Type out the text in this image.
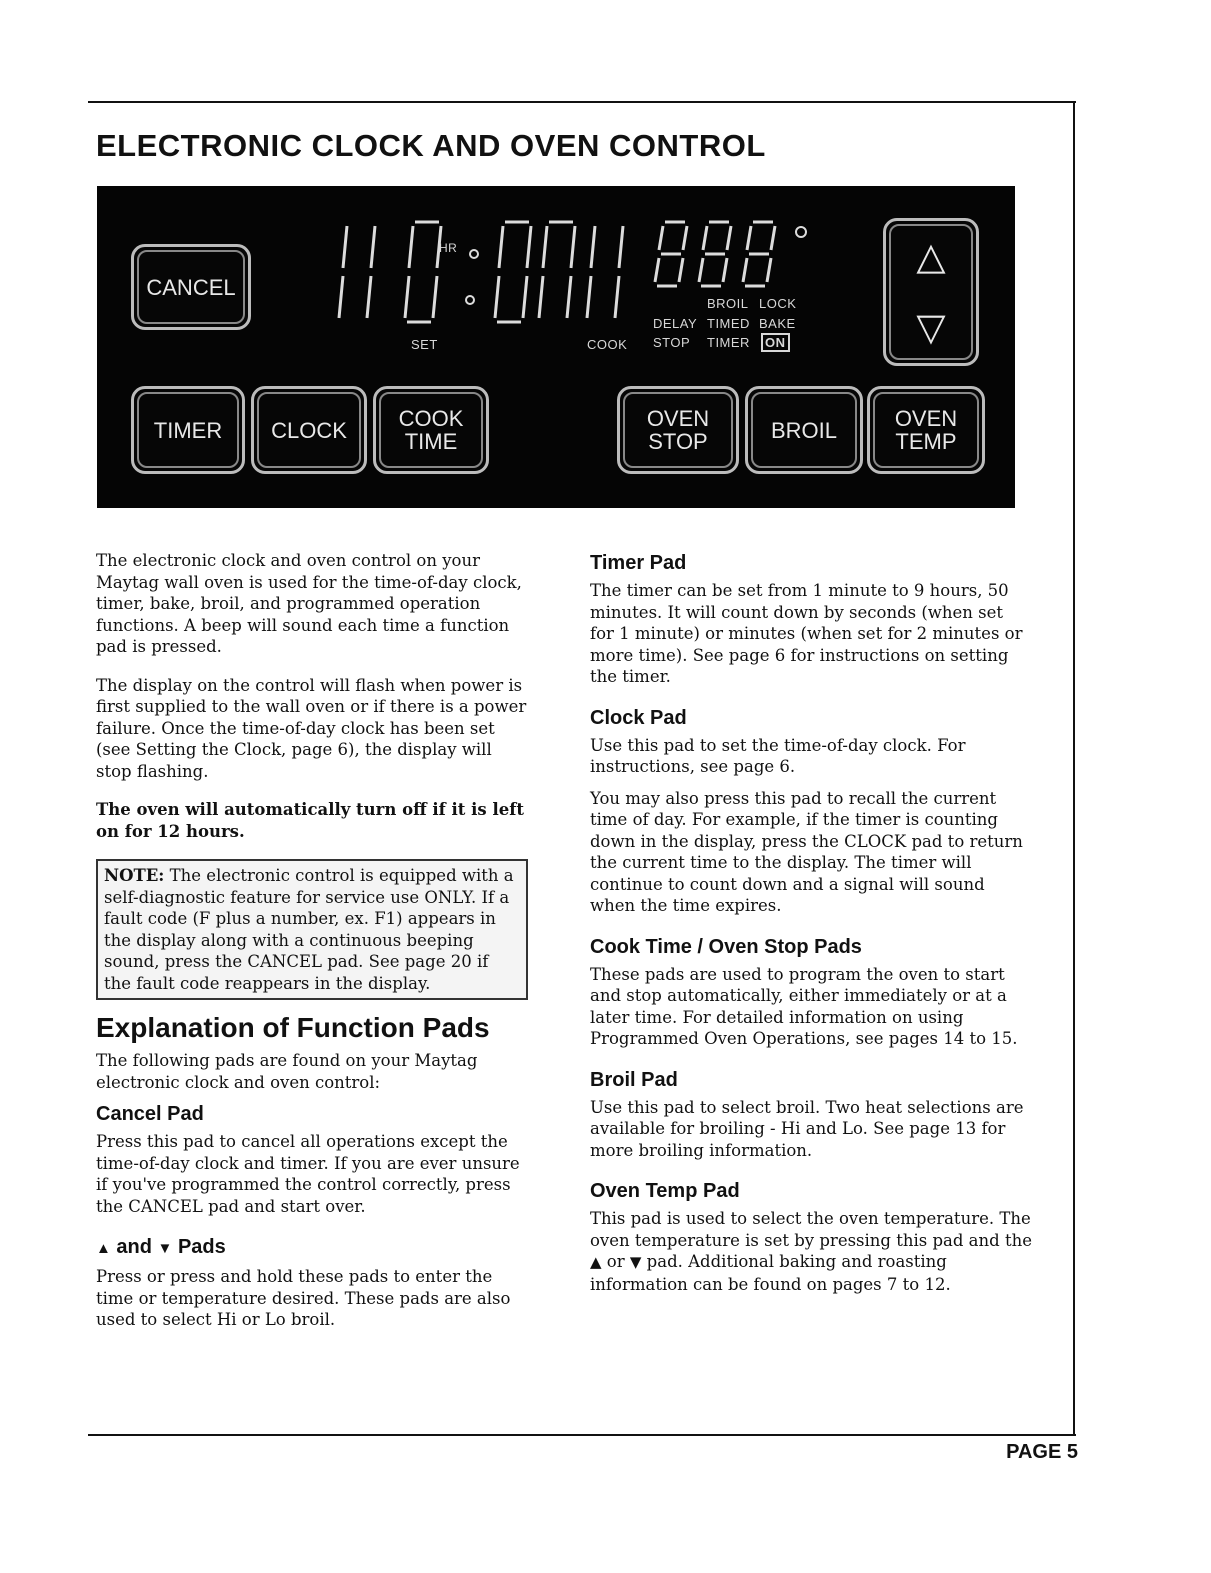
ELECTRONIC CLOCK AND OVEN CONTROL
CANCEL
HR
SET	COOK
DELAY
STOP
BROIL
TIMED
TIMER
LOCK
BAKE
ON
△
▽
TIMER CLOCK COOK
TIME
OVEN
STOP	BROIL	OVEN
TEMP

The electronic clock and oven control on your Maytag wall oven is used for the time-of-day clock, timer, bake, broil, and programmed operation functions. A beep will sound each time a function pad is pressed.

The display on the control will flash when power is first supplied to the wall oven or if there is a power failure. Once the time-of-day clock has been set (see Setting the Clock, page 6), the display will stop flashing.

The oven will automatically turn off if it is left on for 12 hours.

NOTE: The electronic control is equipped with a self-diagnostic feature for service use ONLY. If a fault code (F plus a number, ex. F1) appears in the display along with a continuous beeping sound, press the CANCEL pad. See page 20 if the fault code reappears in the display.
Explanation of Function Pads

The following pads are found on your Maytag electronic clock and oven control:

Cancel Pad

Press this pad to cancel all operations except the time-of-day clock and timer. If you are ever unsure if you've programmed the control correctly, press the CANCEL pad and start over.

▲ and ▼ Pads

Press or press and hold these pads to enter the time or temperature desired. These pads are also used to select Hi or Lo broil.

Timer Pad

The timer can be set from 1 minute to 9 hours, 50 minutes. It will count down by seconds (when set for 1 minute) or minutes (when set for 2 minutes or more time). See page 6 for instructions on setting the timer.

Clock Pad

Use this pad to set the time-of-day clock. For instructions, see page 6.

You may also press this pad to recall the current time of day. For example, if the timer is counting down in the display, press the CLOCK pad to return the current time to the display. The timer will continue to count down and a signal will sound when the time expires.

Cook Time / Oven Stop Pads

These pads are used to program the oven to start and stop automatically, either immediately or at a later time. For detailed information on using Programmed Oven Operations, see pages 14 to 15.

Broil Pad

Use this pad to select broil. Two heat selections are available for broiling - Hi and Lo. See page 13 for more broiling information.

Oven Temp Pad

This pad is used to select the oven temperature. The oven temperature is set by pressing this pad and the ▲ or ▼ pad. Additional baking and roasting information can be found on pages 7 to 12.

PAGE 5
